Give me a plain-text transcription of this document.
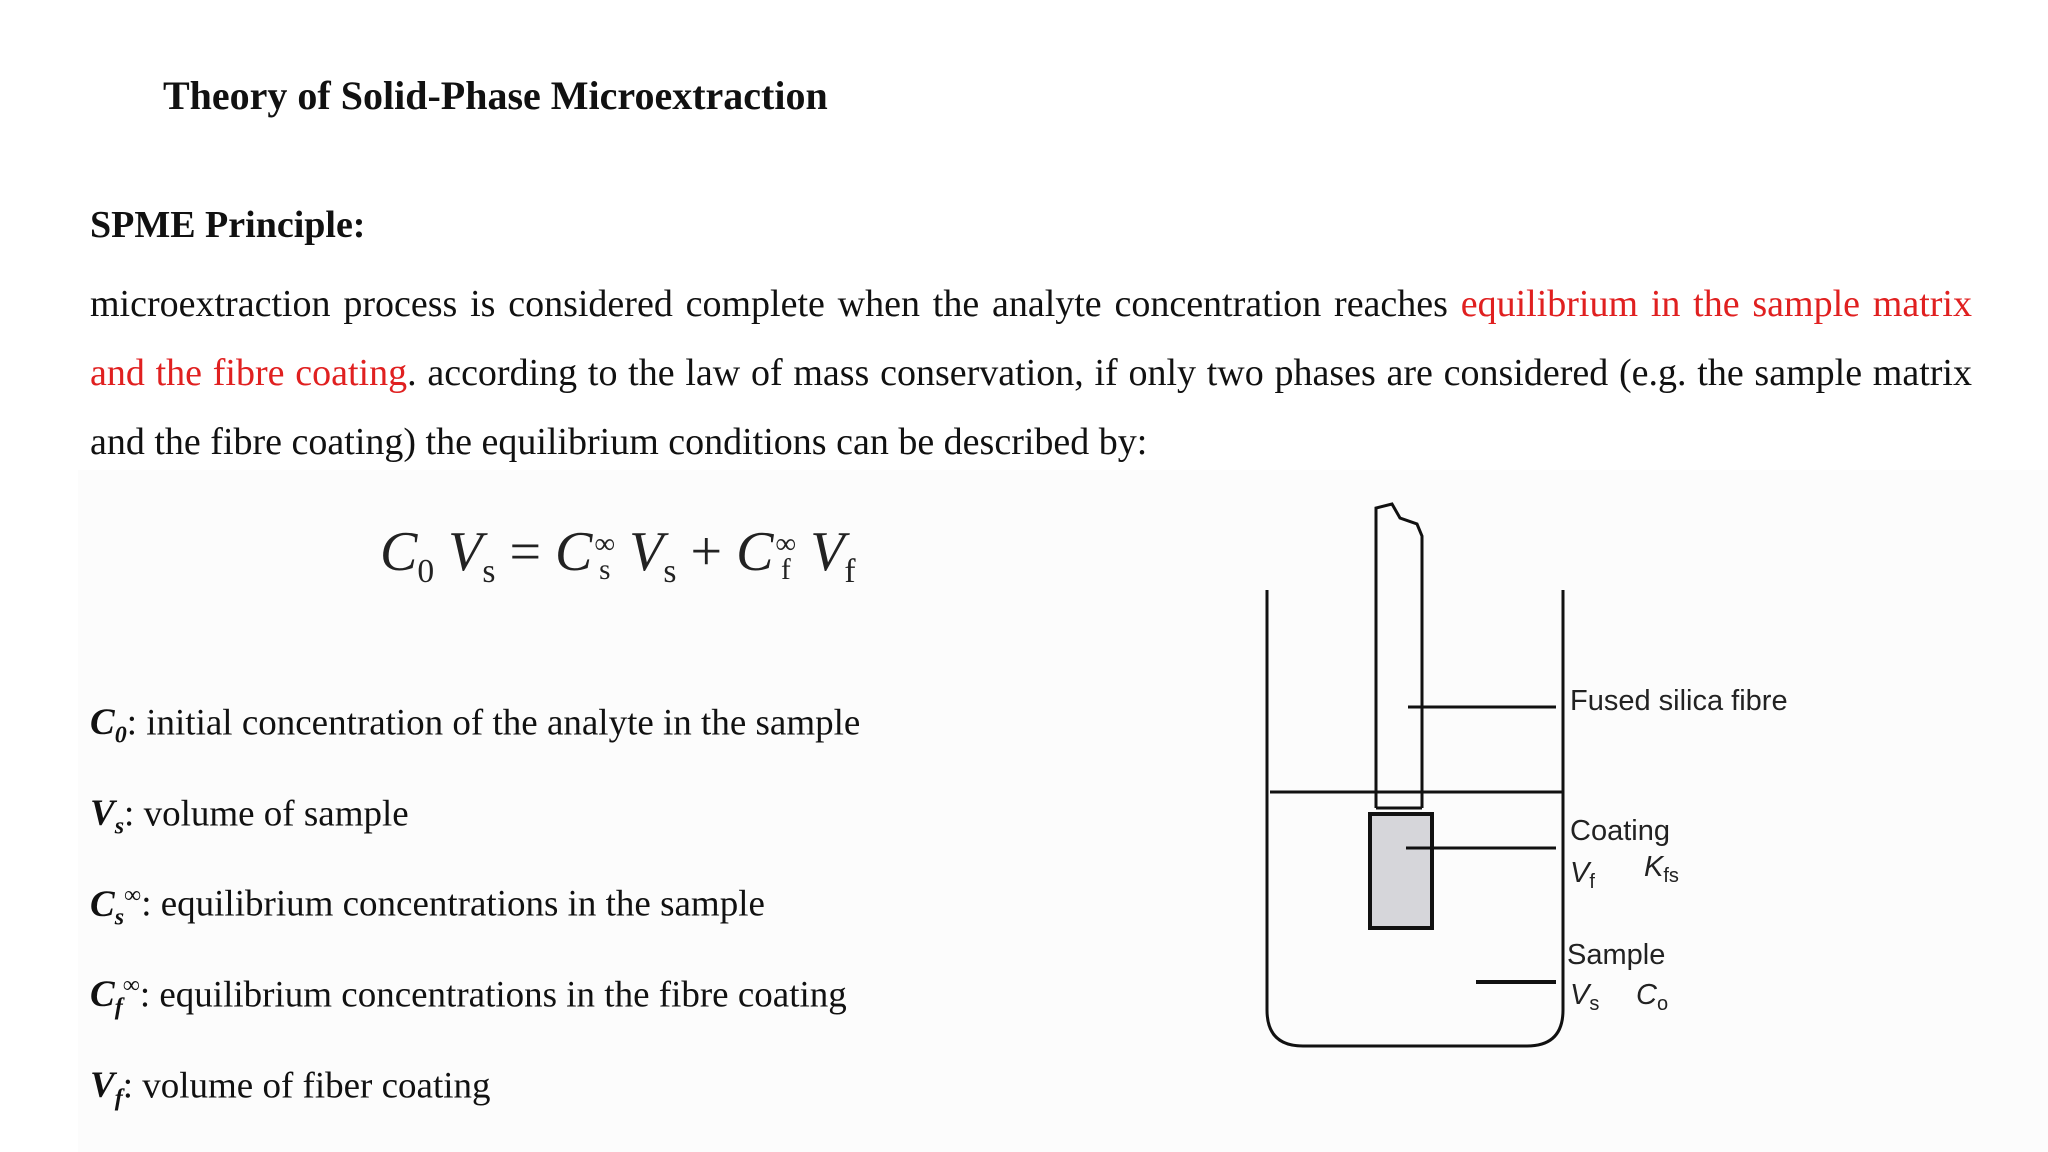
Theory of Solid-Phase Microextraction
SPME Principle:

microextraction process is considered complete when the analyte concentration reaches equilibrium in the sample matrix and the fibre coating. according to the law of mass conservation, if only two phases are considered (e.g. the sample matrix and the fibre coating) the equilibrium conditions can be described by:

$C_0$ $V_s = C$ ∞
s $V_s + C$ ∞
f $V_f$
$C_0$: initial concentration of the analyte in the sample
$V_s$: volume of sample
$C_s^\infty$: equilibrium concentrations in the sample
$C_f^\infty$: equilibrium concentrations in the fibre coating
$V_f$: volume of fiber coating
Fused silica fibre
Coating
$V_f$ $K_{fs}$
Sample
$V_s$ $C_o$
